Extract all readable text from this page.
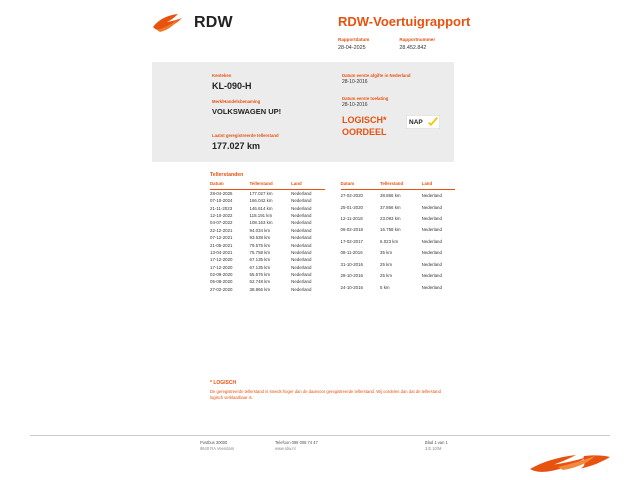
RDW	RDW-Voertuigrapport
Rapportdatum
28-04-2025
Rapportnummer
28.452.842
Kenteken
KL-090-H
Merk/Handelsbenaming
VOLKSWAGEN UP!
Datum eerste afgifte in Nederland
28-10-2016
Datum eerste toelating
28-10-2016
LOGISCH*
OORDEEL
NAP
Laatst geregistreerde tellerstand
177.027 km
Tellerstanden
Datum	Tellerstand	Land
28-04-2025	177.027 km	Nederland
07-10-2024	166.042 km	Nederland
21-11-2023	146.614 km	Nederland
12-10-2022	118.191 km	Nederland
04-07-2022	108.163 km	Nederland
22-12-2021	94.034 km	Nederland
07-12-2021	93.538 km	Nederland
21-05-2021	79.575 km	Nederland
13-04-2021	75.758 km	Nederland
17-12-2020	67.135 km	Nederland
17-12-2020	67.135 km	Nederland
02-09-2020	55.576 km	Nederland
05-08-2020	52.748 km	Nederland
27-02-2020	38.866 km	Nederland
Datum	Tellerstand	Land
27-02-2020	38.866 km	Nederland
25-01-2020	37.866 km	Nederland
12-11-2018	23.093 km	Nederland
06-02-2018	16.758 km	Nederland
17-02-2017	6.023 km	Nederland
08-11-2016	35 km	Nederland
31-10-2016	25 km	Nederland
28-10-2016	25 km	Nederland
24-10-2016	5 km	Nederland
* LOGISCH
De geregistreerde tellerstand is steeds hoger dan de daarvoor geregistreerde tellerstand. Wij oordelen dan dat de tellerstand logisch verklaarbaar is.
Postbus 30000
9640 RA Veendam
Telefoon 088 008 74 47
www.rdw.nl
Blad 1 van 1
3.E.10/M
